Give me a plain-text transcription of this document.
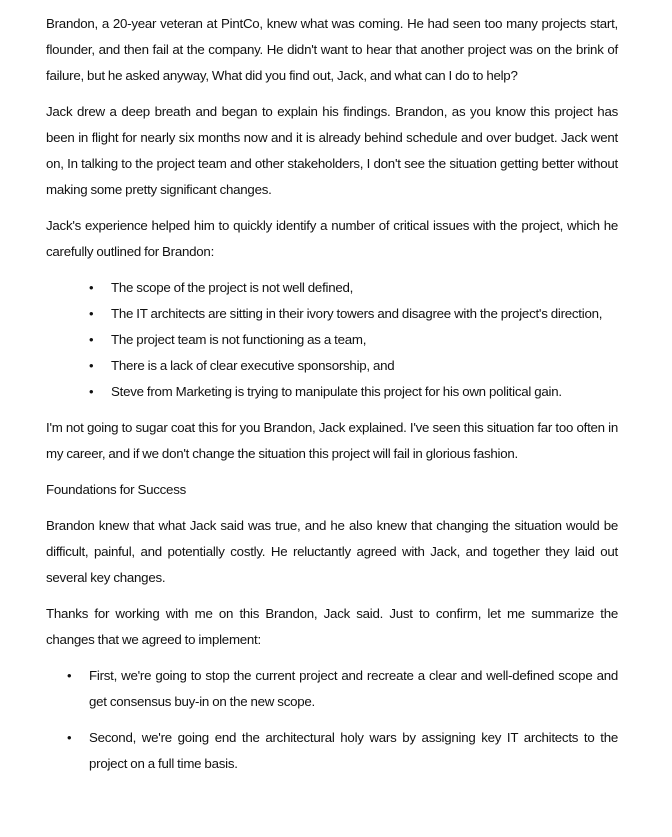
Brandon, a 20-year veteran at PintCo, knew what was coming. He had seen too many projects start, flounder, and then fail at the company. He didn't want to hear that another project was on the brink of failure, but he asked anyway, What did you find out, Jack, and what can I do to help?

Jack drew a deep breath and began to explain his findings. Brandon, as you know this project has been in flight for nearly six months now and it is already behind schedule and over budget. Jack went on, In talking to the project team and other stakeholders, I don't see the situation getting better without making some pretty significant changes.

Jack's experience helped him to quickly identify a number of critical issues with the project, which he carefully outlined for Brandon:

• The scope of the project is not well defined,
• The IT architects are sitting in their ivory towers and disagree with the project's direction,
• The project team is not functioning as a team,
• There is a lack of clear executive sponsorship, and
• Steve from Marketing is trying to manipulate this project for his own political gain.

I'm not going to sugar coat this for you Brandon, Jack explained. I've seen this situation far too often in my career, and if we don't change the situation this project will fail in glorious fashion.

Foundations for Success

Brandon knew that what Jack said was true, and he also knew that changing the situation would be difficult, painful, and potentially costly. He reluctantly agreed with Jack, and together they laid out several key changes.

Thanks for working with me on this Brandon, Jack said. Just to confirm, let me summarize the changes that we agreed to implement:

• First, we're going to stop the current project and recreate a clear and well-defined scope and get consensus buy-in on the new scope.
• Second, we're going end the architectural holy wars by assigning key IT architects to the project on a full time basis.
